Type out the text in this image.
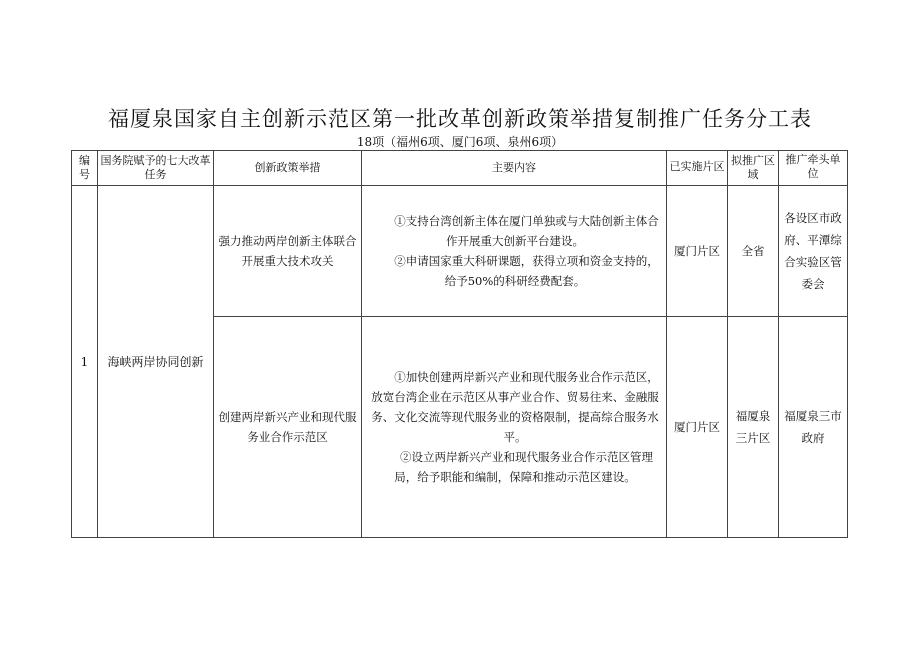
福厦泉国家自主创新示范区第一批改革创新政策举措复制推广任务分工表
18项（福州6项、厦门6项、泉州6项）
编号	国务院赋予的七大改革任务	创新政策举措	主要内容	已实施片区	拟推广区域	推广牵头单位

1	海峡两岸协同创新	强力推动两岸创新主体联合开展重大技术攻关	①支持台湾创新主体在厦门单独或与大陆创新主体合作开展重大创新平台建设。

②申请国家重大科研课题，获得立项和资金支持的，给予50%的科研经费配套。	厦门片区	全省	各设区市政府、平潭综合实验区管委会

		创建两岸新兴产业和现代服务业合作示范区	①加快创建两岸新兴产业和现代服务业合作示范区，放宽台湾企业在示范区从事产业合作、贸易往来、金融服务、文化交流等现代服务业的资格限制，提高综合服务水平。

②设立两岸新兴产业和现代服务业合作示范区管理局，给予职能和编制，保障和推动示范区建设。	厦门片区	福厦泉三片区	福厦泉三市政府
